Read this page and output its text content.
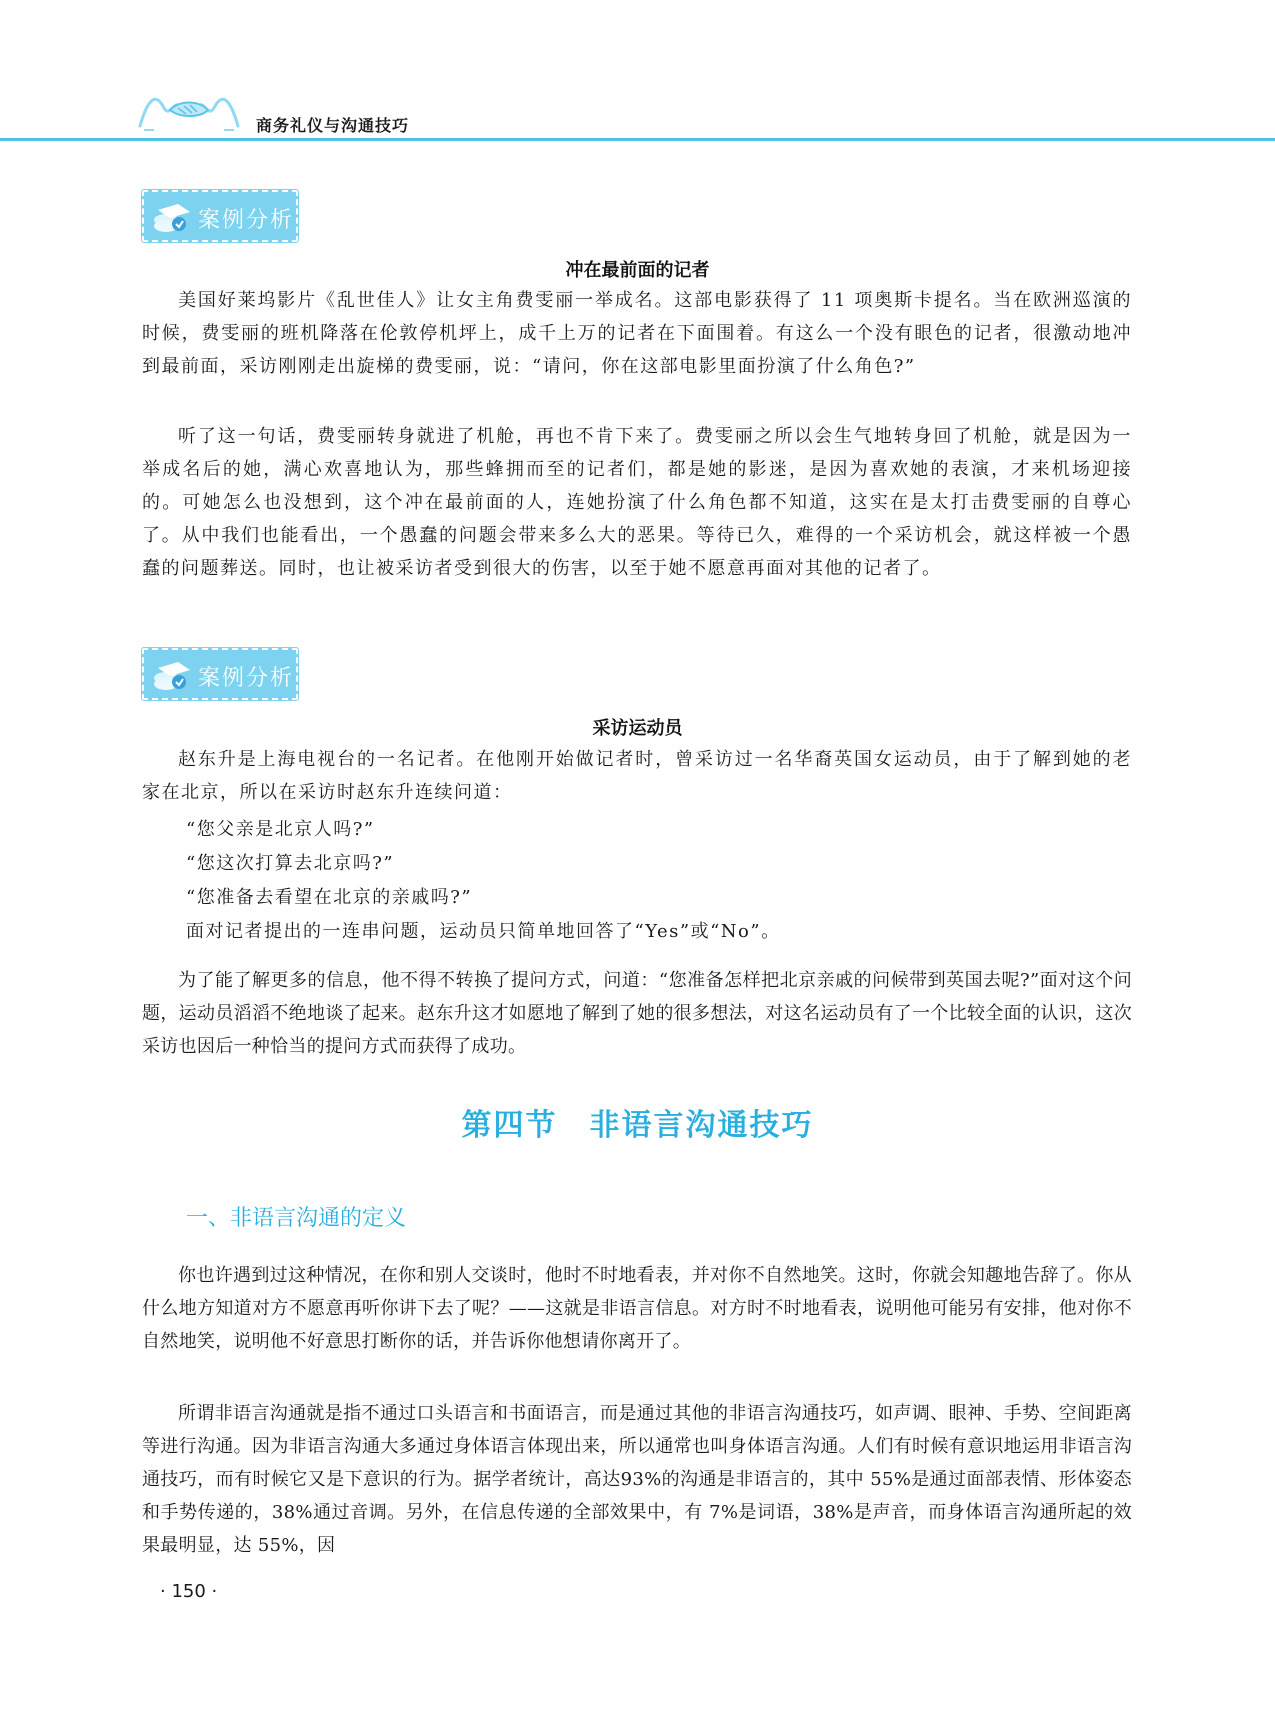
商务礼仪与沟通技巧
案例分析
冲在最前面的记者

美国好莱坞影片《乱世佳人》让女主角费雯丽一举成名。这部电影获得了 11 项奥斯卡提名。当在欧洲巡演的时候，费雯丽的班机降落在伦敦停机坪上，成千上万的记者在下面围着。有这么一个没有眼色的记者，很激动地冲到最前面，采访刚刚走出旋梯的费雯丽，说：“请问，你在这部电影里面扮演了什么角色?”

听了这一句话，费雯丽转身就进了机舱，再也不肯下来了。费雯丽之所以会生气地转身回了机舱，就是因为一举成名后的她，满心欢喜地认为，那些蜂拥而至的记者们，都是她的影迷，是因为喜欢她的表演，才来机场迎接的。可她怎么也没想到，这个冲在最前面的人，连她扮演了什么角色都不知道，这实在是太打击费雯丽的自尊心了。从中我们也能看出，一个愚蠢的问题会带来多么大的恶果。等待已久，难得的一个采访机会，就这样被一个愚蠢的问题葬送。同时，也让被采访者受到很大的伤害，以至于她不愿意再面对其他的记者了。

案例分析
采访运动员

赵东升是上海电视台的一名记者。在他刚开始做记者时，曾采访过一名华裔英国女运动员，由于了解到她的老家在北京，所以在采访时赵东升连续问道：

“您父亲是北京人吗?”
“您这次打算去北京吗?”
“您准备去看望在北京的亲戚吗?”
面对记者提出的一连串问题，运动员只简单地回答了“Yes”或“No”。

为了能了解更多的信息，他不得不转换了提问方式，问道：“您准备怎样把北京亲戚的问候带到英国去呢?”面对这个问题，运动员滔滔不绝地谈了起来。赵东升这才如愿地了解到了她的很多想法，对这名运动员有了一个比较全面的认识，这次采访也因后一种恰当的提问方式而获得了成功。

第四节　非语言沟通技巧
一、非语言沟通的定义

你也许遇到过这种情况，在你和别人交谈时，他时不时地看表，并对你不自然地笑。这时，你就会知趣地告辞了。你从什么地方知道对方不愿意再听你讲下去了呢？——这就是非语言信息。对方时不时地看表，说明他可能另有安排，他对你不自然地笑，说明他不好意思打断你的话，并告诉你他想请你离开了。

所谓非语言沟通就是指不通过口头语言和书面语言，而是通过其他的非语言沟通技巧，如声调、眼神、手势、空间距离等进行沟通。因为非语言沟通大多通过身体语言体现出来，所以通常也叫身体语言沟通。人们有时候有意识地运用非语言沟通技巧，而有时候它又是下意识的行为。据学者统计，高达93%的沟通是非语言的，其中 55%是通过面部表情、形体姿态和手势传递的，38%通过音调。另外，在信息传递的全部效果中，有 7%是词语，38%是声音，而身体语言沟通所起的效果最明显，达 55%，因

· 150 ·
